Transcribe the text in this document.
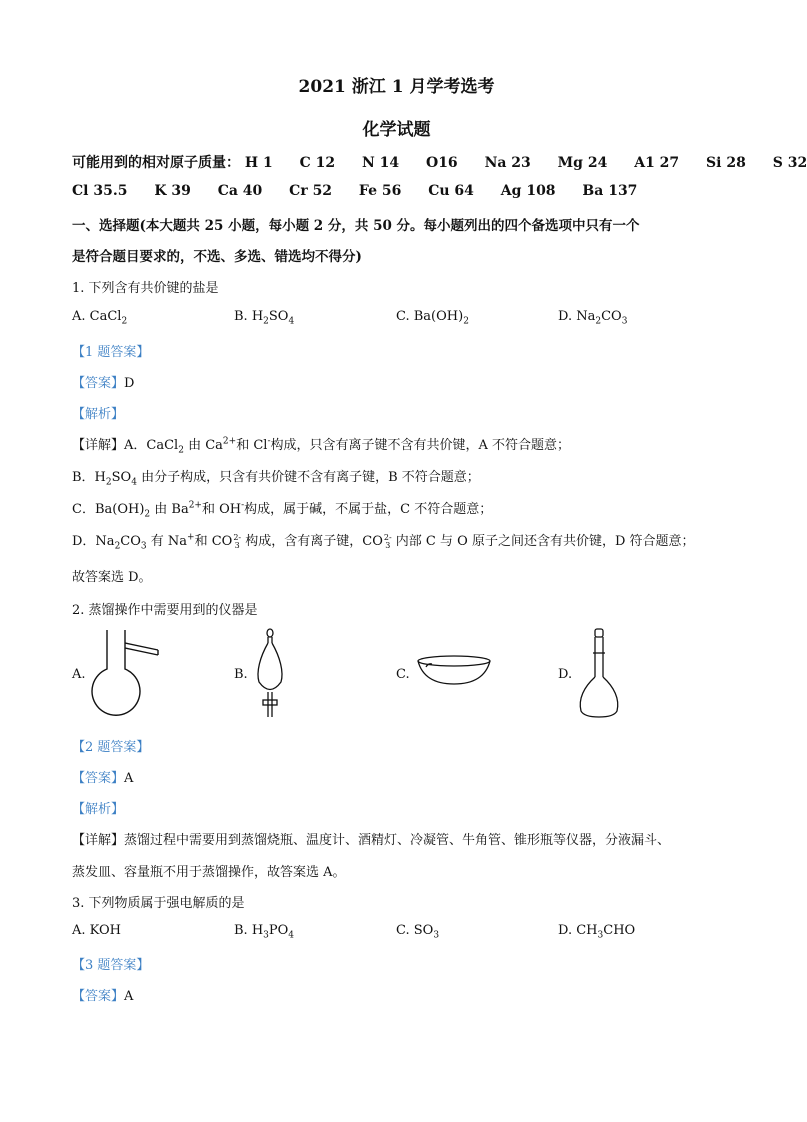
2021 浙江 1 月学考选考
化学试题
可能用到的相对原子质量： H 1 C 12 N 14 O16 Na 23 Mg 24 A1 27 Si 28 S 32
Cl 35.5 K 39 Ca 40 Cr 52 Fe 56 Cu 64 Ag 108 Ba 137
一、选择题(本大题共 25 小题，每小题 2 分，共 50 分。每小题列出的四个备选项中只有一个
是符合题目要求的，不选、多选、错选均不得分)
1. 下列含有共价键的盐是
A. CaCl$_2$	B. $H_2SO_4$	C. $Ba(OH)_2$	D. $Na_2CO_3$
【1 题答案】
【答案】D
【解析】
【详解】A．CaCl$_2$ 由 $Ca^{2+}$和 Cl-构成，只含有离子键不含有共价键，A 不符合题意；
B．$H_2SO_4$ 由分子构成，只含有共价键不含有离子键，B 不符合题意；
C．$Ba(OH)_2$ 由 $Ba^{2+}$和 OH-构成，属于碱，不属于盐，C 不符合题意；
D．$Na_2CO_3$ 有 Na+和 CO 2-
3 构成，含有离子键，CO 2-
3 内部 C 与 O 原子之间还含有共价键，D 符合题意；
故答案选 D。
2. 蒸馏操作中需要用到的仪器是
A.	B.	C.	D.
【2 题答案】
【答案】A
【解析】
【详解】蒸馏过程中需要用到蒸馏烧瓶、温度计、酒精灯、冷凝管、牛角管、锥形瓶等仪器，分液漏斗、
蒸发皿、容量瓶不用于蒸馏操作，故答案选 A。
3. 下列物质属于强电解质的是
A. KOH	B. $H_3PO_4$	C. $SO_3$	D. $CH_3CHO$
【3 题答案】
【答案】A
